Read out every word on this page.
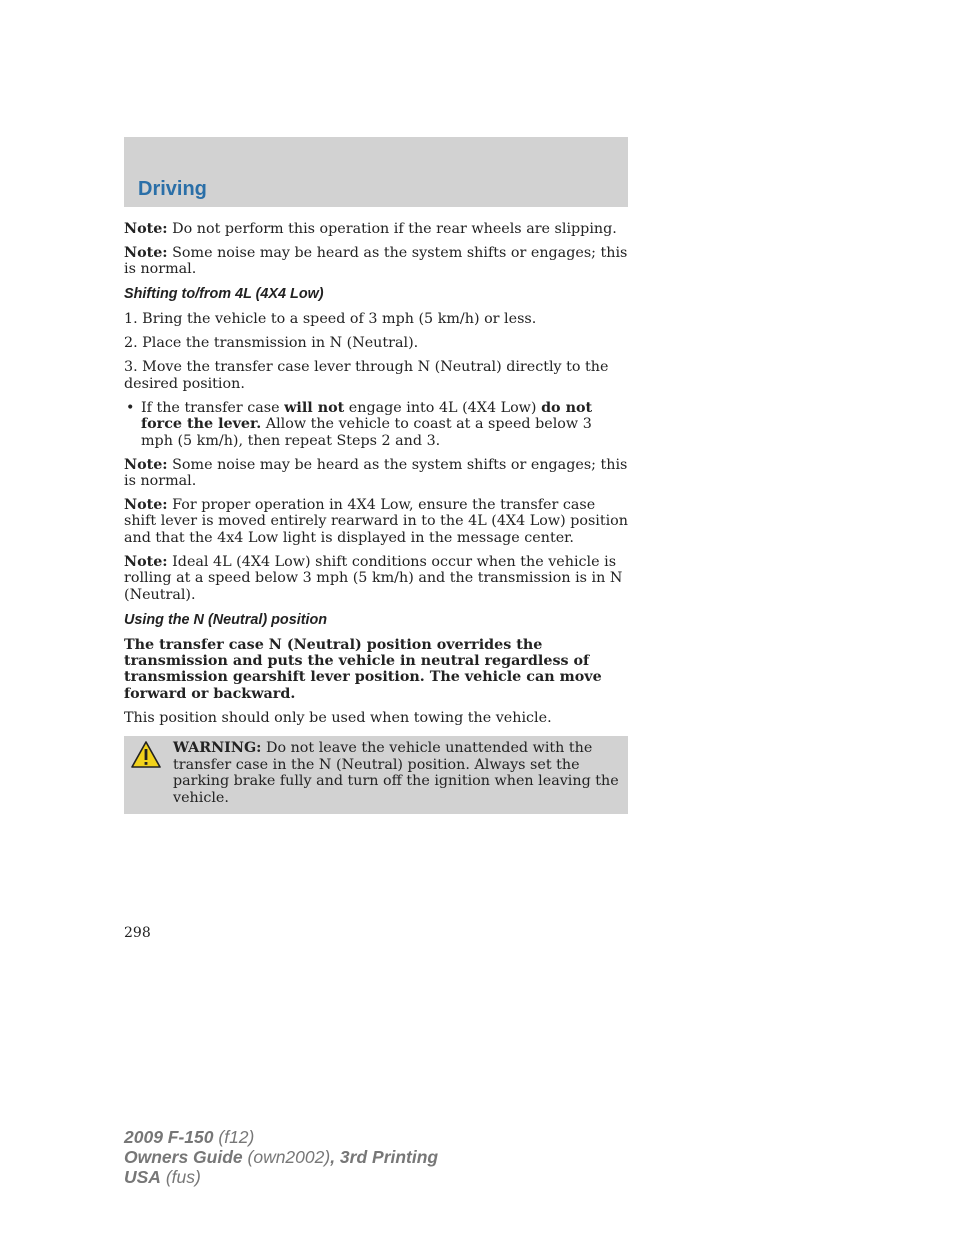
Driving

Note: Do not perform this operation if the rear wheels are slipping.

Note: Some noise may be heard as the system shifts or engages; this is normal.

Shifting to/from 4L (4X4 Low)

1. Bring the vehicle to a speed of 3 mph (5 km/h) or less.

2. Place the transmission in N (Neutral).

3. Move the transfer case lever through N (Neutral) directly to the desired position.

• If the transfer case will not engage into 4L (4X4 Low) do not force the lever. Allow the vehicle to coast at a speed below 3 mph (5 km/h), then repeat Steps 2 and 3.

Note: Some noise may be heard as the system shifts or engages; this is normal.

Note: For proper operation in 4X4 Low, ensure the transfer case shift lever is moved entirely rearward in to the 4L (4X4 Low) position and that the 4x4 Low light is displayed in the message center.

Note: Ideal 4L (4X4 Low) shift conditions occur when the vehicle is rolling at a speed below 3 mph (5 km/h) and the transmission is in N (Neutral).

Using the N (Neutral) position

The transfer case N (Neutral) position overrides the transmission and puts the vehicle in neutral regardless of transmission gearshift lever position. The vehicle can move forward or backward.

This position should only be used when towing the vehicle.

WARNING: Do not leave the vehicle unattended with the transfer case in the N (Neutral) position. Always set the parking brake fully and turn off the ignition when leaving the vehicle.
298
2009 F-150 (f12)
Owners Guide (own2002), 3rd Printing
USA (fus)
